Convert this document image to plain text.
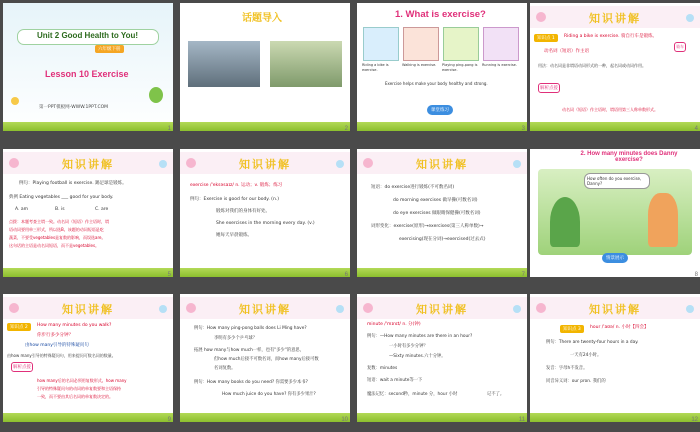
Unit 2 Good Health to You!
六年级下册
Lesson 10 Exercise
第一PPT模板网-WWW.1PPT.COM
1
话题导入
2
1. What is exercise?
Riding a bike is exercise.
Walking is exercise.	Playing ping-pong is exercise.
Running is exercise.
Exercise helps make your body healthy and strong.
课堂练习
3
知识讲解
知识点 1	Riding a bike is exercise. 骑自行车是锻炼。
骑车
动名词（短语）作主语
用法：动名词是非谓语动词形式的一种，起名词或动词作用。
解析点拨
动名词（短语）作主语时，谓语用第三人称单数形式。
4
知识讲解
例句：Playing football is exercise. 踢足球是锻炼。
典例 Eating vegetables ___ good for your body.
A. am	B. is	C. are
点拨：本题考查主谓一致。动名词（短语）作主语时，谓
语动词要用单三形式，所以选B。该题的动词短语是吃
蔬菜，不要受vegetables是复数的影响，而误选are。
这句话的主语是动名词短语，而不是vegetables。
5
知识讲解
exercise /'eksəsaɪz/ n. 运动；v. 锻炼；练习
例句：Exercise is good for our body. (n.)
锻炼对我们的身体有好处。
She exercises in the morning every day. (v.)
她每天早晨锻炼。
6
知识讲解
短语：do exercise进行锻炼(不可数名词)
do morning exercises 做早操(可数名词)
do eye exercises 做眼睛保健操(可数名词)
词形变化：exercise(原形)→exercises(第三人称单数)→
exercising(现在分词)→exercised(过去式)
7
2. How many minutes does Danny exercise?
How often do you exercise, Danny?
情景展示
8
知识讲解
知识点 2	How many minutes do you walk?
你步行多少分钟？
由how many引导的特殊疑问句
由how many引导的特殊疑问句，用来提问可数名词的数量。
解析点拨
how many后的名词必须用复数形式。how many
引导的特殊疑问句的动词的单复数要和主语保持
一致，而不要由其后名词的单复数决定的。
9
知识讲解
例句：How many ping-pong balls does Li Ming have?
李明有多少个乒乓球？
拓展 how many与how much一样，也有"多少"的意思，
但how much后接不可数名词，而how many后接可数
名词复数。
例句：How many books do you need? 你需要多少本书?
How much juice do you have? 你有多少果汁?
10
知识讲解
minute /'mɪnɪt/ n. 分(钟)
例句：—How many minutes are there in an hour?
一小时有多少分钟？
—Sixty minutes.六十分钟。
复数：minutes
短语：wait a minute等一下
魔法记忆：second秒，minute 分，hour 小时	记不了。
11
知识讲解
知识点 3	hour /'aʊə/ n. 小时【四会】
例句：There are twenty-four hours in a day.
一天有24小时。
发音：字母h不发音。
同音异义词：our pron. 我们的
12
